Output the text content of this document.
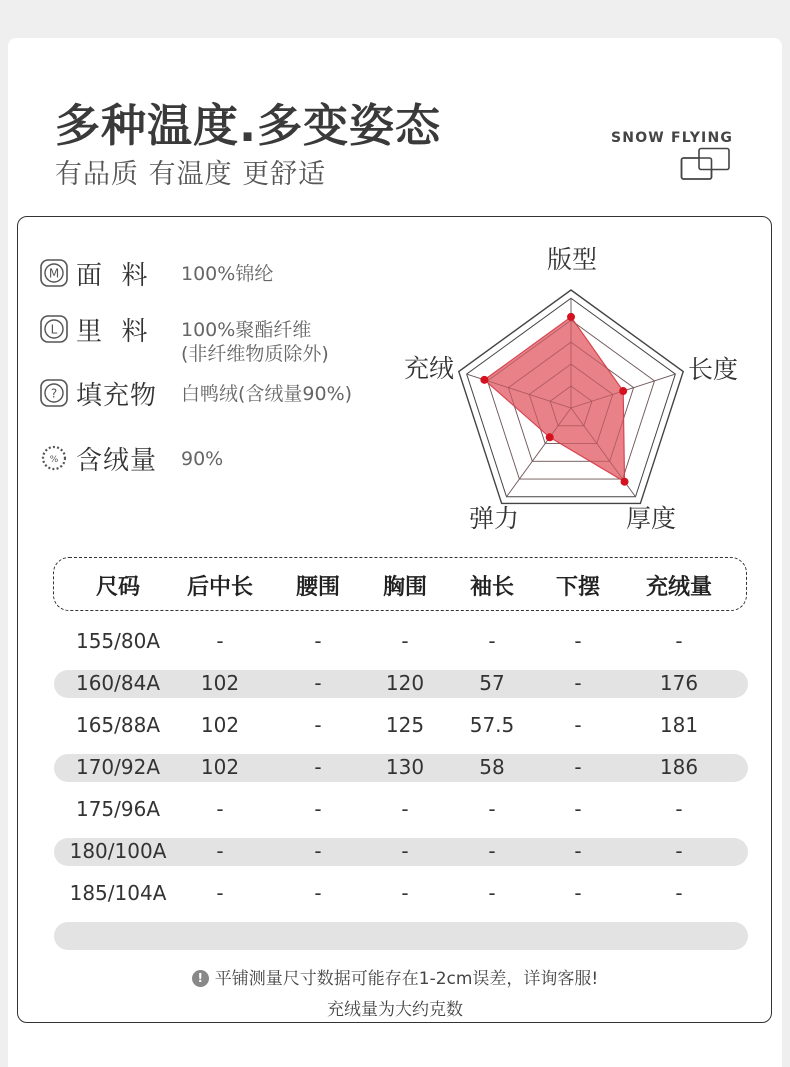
多种温度.多变姿态
有品质 有温度 更舒适
SNOW FLYING
M 面  料 100%锦纶
L 里  料 100%聚酯纤维
(非纤维物质除外)
? 填充物 白鸭绒(含绒量90%)
% 含绒量 90%
版型
长度
厚度
弹力
充绒
尺码	后中长	腰围	胸围	袖长	下摆	充绒量
155/80A	-	-	-	-	-	-
160/84A	102	-	120	57	-	176
165/88A	102	-	125	57.5	-	181
170/92A	102	-	130	58	-	186
175/96A	-	-	-	-	-	-
180/100A	-	-	-	-	-	-
185/104A	-	-	-	-	-	-
! 平铺测量尺寸数据可能存在1-2cm误差，详询客服!
充绒量为大约克数
